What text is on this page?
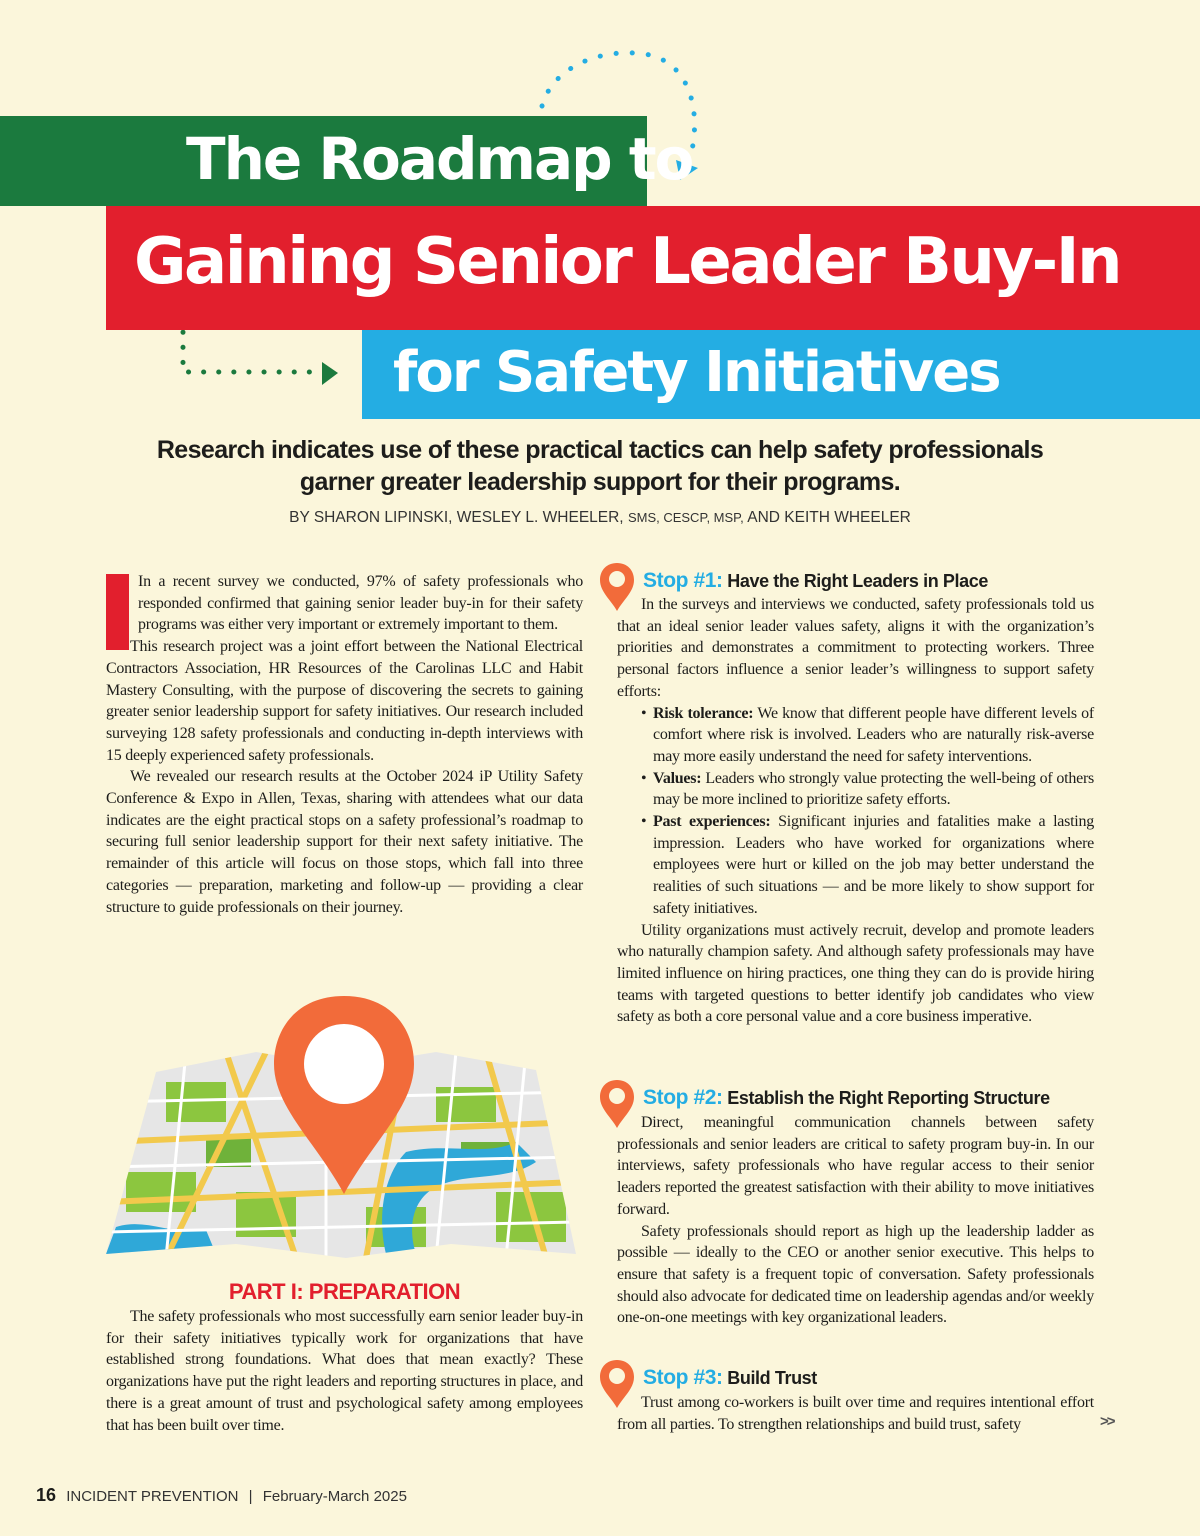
The Roadmap to
Gaining Senior Leader Buy-In
for Safety Initiatives
Research indicates use of these practical tactics can help safety professionals
garner greater leadership support for their programs.
BY SHARON LIPINSKI, WESLEY L. WHEELER, SMS, CESCP, MSP, AND KEITH WHEELER

In a recent survey we conducted, 97% of safety professionals who responded confirmed that gaining senior leader buy-in for their safety programs was either very important or extremely important to them.

This research project was a joint effort between the National Electrical Contractors Association, HR Resources of the Carolinas LLC and Habit Mastery Consulting, with the purpose of discovering the secrets to gaining greater senior leadership support for safety initiatives. Our research included surveying 128 safety professionals and conducting in-depth interviews with 15 deeply experienced safety professionals.

We revealed our research results at the October 2024 iP Utility Safety Conference & Expo in Allen, Texas, sharing with attendees what our data indicates are the eight practical stops on a safety professional’s roadmap to securing full senior leadership support for their next safety initiative. The remainder of this article will focus on those stops, which fall into three categories — preparation, marketing and follow-up — providing a clear structure to guide professionals on their journey.

PART I: PREPARATION

The safety professionals who most successfully earn senior leader buy-in for their safety initiatives typically work for organizations that have established strong foundations. What does that mean exactly? These organizations have put the right leaders and reporting structures in place, and there is a great amount of trust and psychological safety among employees that has been built over time.

Stop #1: Have the Right Leaders in Place

In the surveys and interviews we conducted, safety professionals told us that an ideal senior leader values safety, aligns it with the organization’s priorities and demonstrates a commitment to protecting workers. Three personal factors influence a senior leader’s willingness to support safety efforts:

• Risk tolerance: We know that different people have different levels of comfort where risk is involved. Leaders who are naturally risk-averse may more easily understand the need for safety interventions.
• Values: Leaders who strongly value protecting the well-being of others may be more inclined to prioritize safety efforts.
• Past experiences: Significant injuries and fatalities make a lasting impression. Leaders who have worked for organizations where employees were hurt or killed on the job may better understand the realities of such situations — and be more likely to show support for safety initiatives.

Utility organizations must actively recruit, develop and promote leaders who naturally champion safety. And although safety professionals may have limited influence on hiring practices, one thing they can do is provide hiring teams with targeted questions to better identify job candidates who view safety as both a core personal value and a core business imperative.

Stop #2: Establish the Right Reporting Structure

Direct, meaningful communication channels between safety professionals and senior leaders are critical to safety program buy-in. In our interviews, safety professionals who have regular access to their senior leaders reported the greatest satisfaction with their ability to move initiatives forward.

Safety professionals should report as high up the leadership ladder as possible — ideally to the CEO or another senior executive. This helps to ensure that safety is a frequent topic of conversation. Safety professionals should also advocate for dedicated time on leadership agendas and/or weekly one-on-one meetings with key organizational leaders.

Stop #3: Build Trust

Trust among co-workers is built over time and requires intentional effort from all parties. To strengthen relationships and build trust, safety	>>
16 INCIDENT PREVENTION | February-March 2025
